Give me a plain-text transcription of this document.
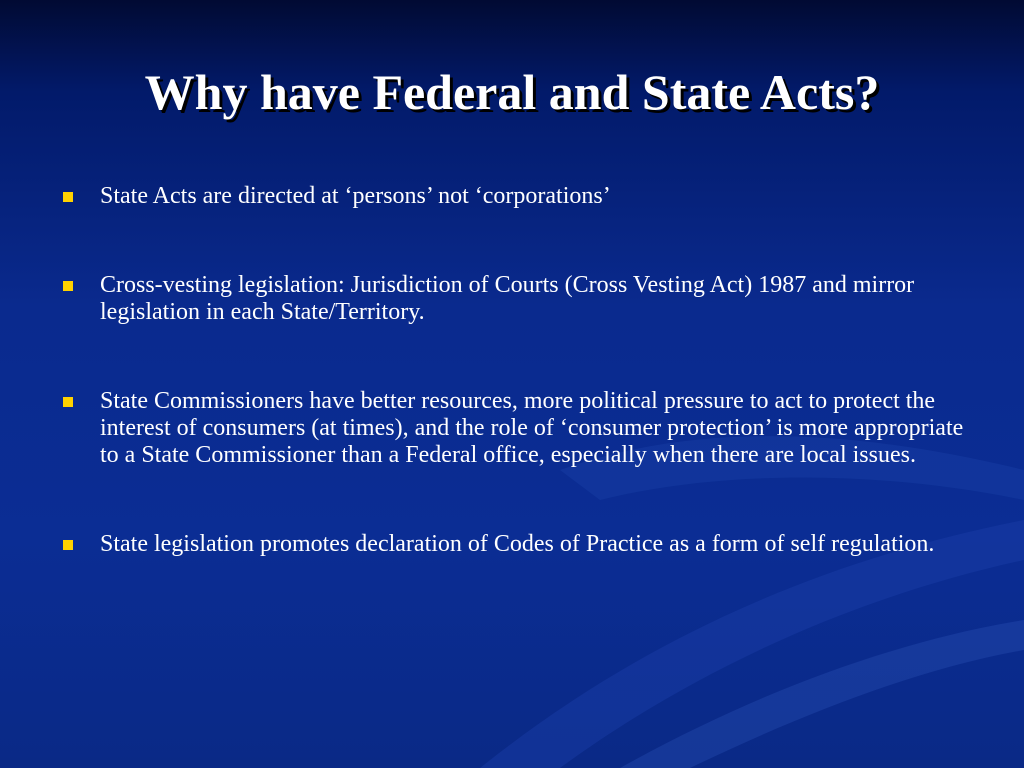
Why have Federal and State Acts?
State Acts are directed at ‘persons’ not ‘corporations’
Cross-vesting legislation: Jurisdiction of Courts (Cross Vesting Act) 1987 and mirror legislation in each State/Territory.
State Commissioners have better resources, more political pressure to act to protect the interest of consumers (at times), and the role of ‘consumer protection’ is more appropriate to a State Commissioner than a Federal office, especially when there are local issues.
State legislation promotes declaration of Codes of Practice as a form of self regulation.
